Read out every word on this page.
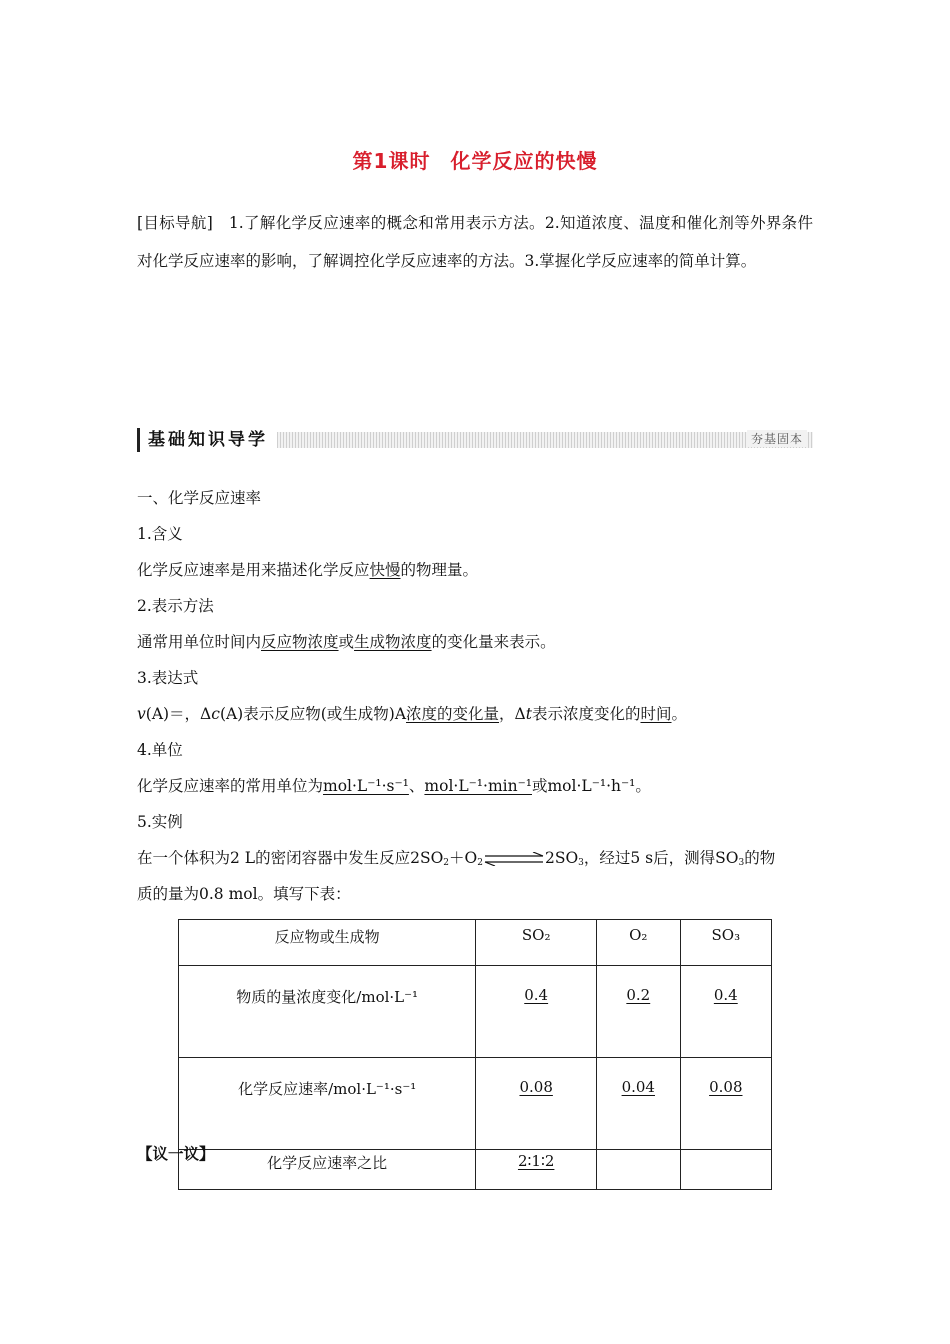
第1课时 化学反应的快慢
[目标导航]　1.了解化学反应速率的概念和常用表示方法。2.知道浓度、温度和催化剂等外界条件对化学反应速率的影响，了解调控化学反应速率的方法。3.掌握化学反应速率的简单计算。
基础知识导学	夯基固本
一、化学反应速率
1.含义
化学反应速率是用来描述化学反应快慢的物理量。
2.表示方法
通常用单位时间内反应物浓度或生成物浓度的变化量来表示。
3.表达式
v(A)＝，Δc(A)表示反应物(或生成物)A浓度的变化量，Δt表示浓度变化的时间。
4.单位
化学反应速率的常用单位为mol·L⁻¹·s⁻¹、mol·L⁻¹·min⁻¹或mol·L⁻¹·h⁻¹。
5.实例
在一个体积为2 L的密闭容器中发生反应$2SO_2+O_2\rightleftharpoons 2SO_3$，经过5 s后，测得$SO_3$的物
质的量为0.8 mol。填写下表：
反应物或生成物	SO₂	O₂	SO₃
物质的量浓度变化/mol·L⁻¹	0.4	0.2	0.4
化学反应速率/mol·L⁻¹·s⁻¹	0.08	0.04	0.08
化学反应速率之比	2∶1∶2		
【议一议】
